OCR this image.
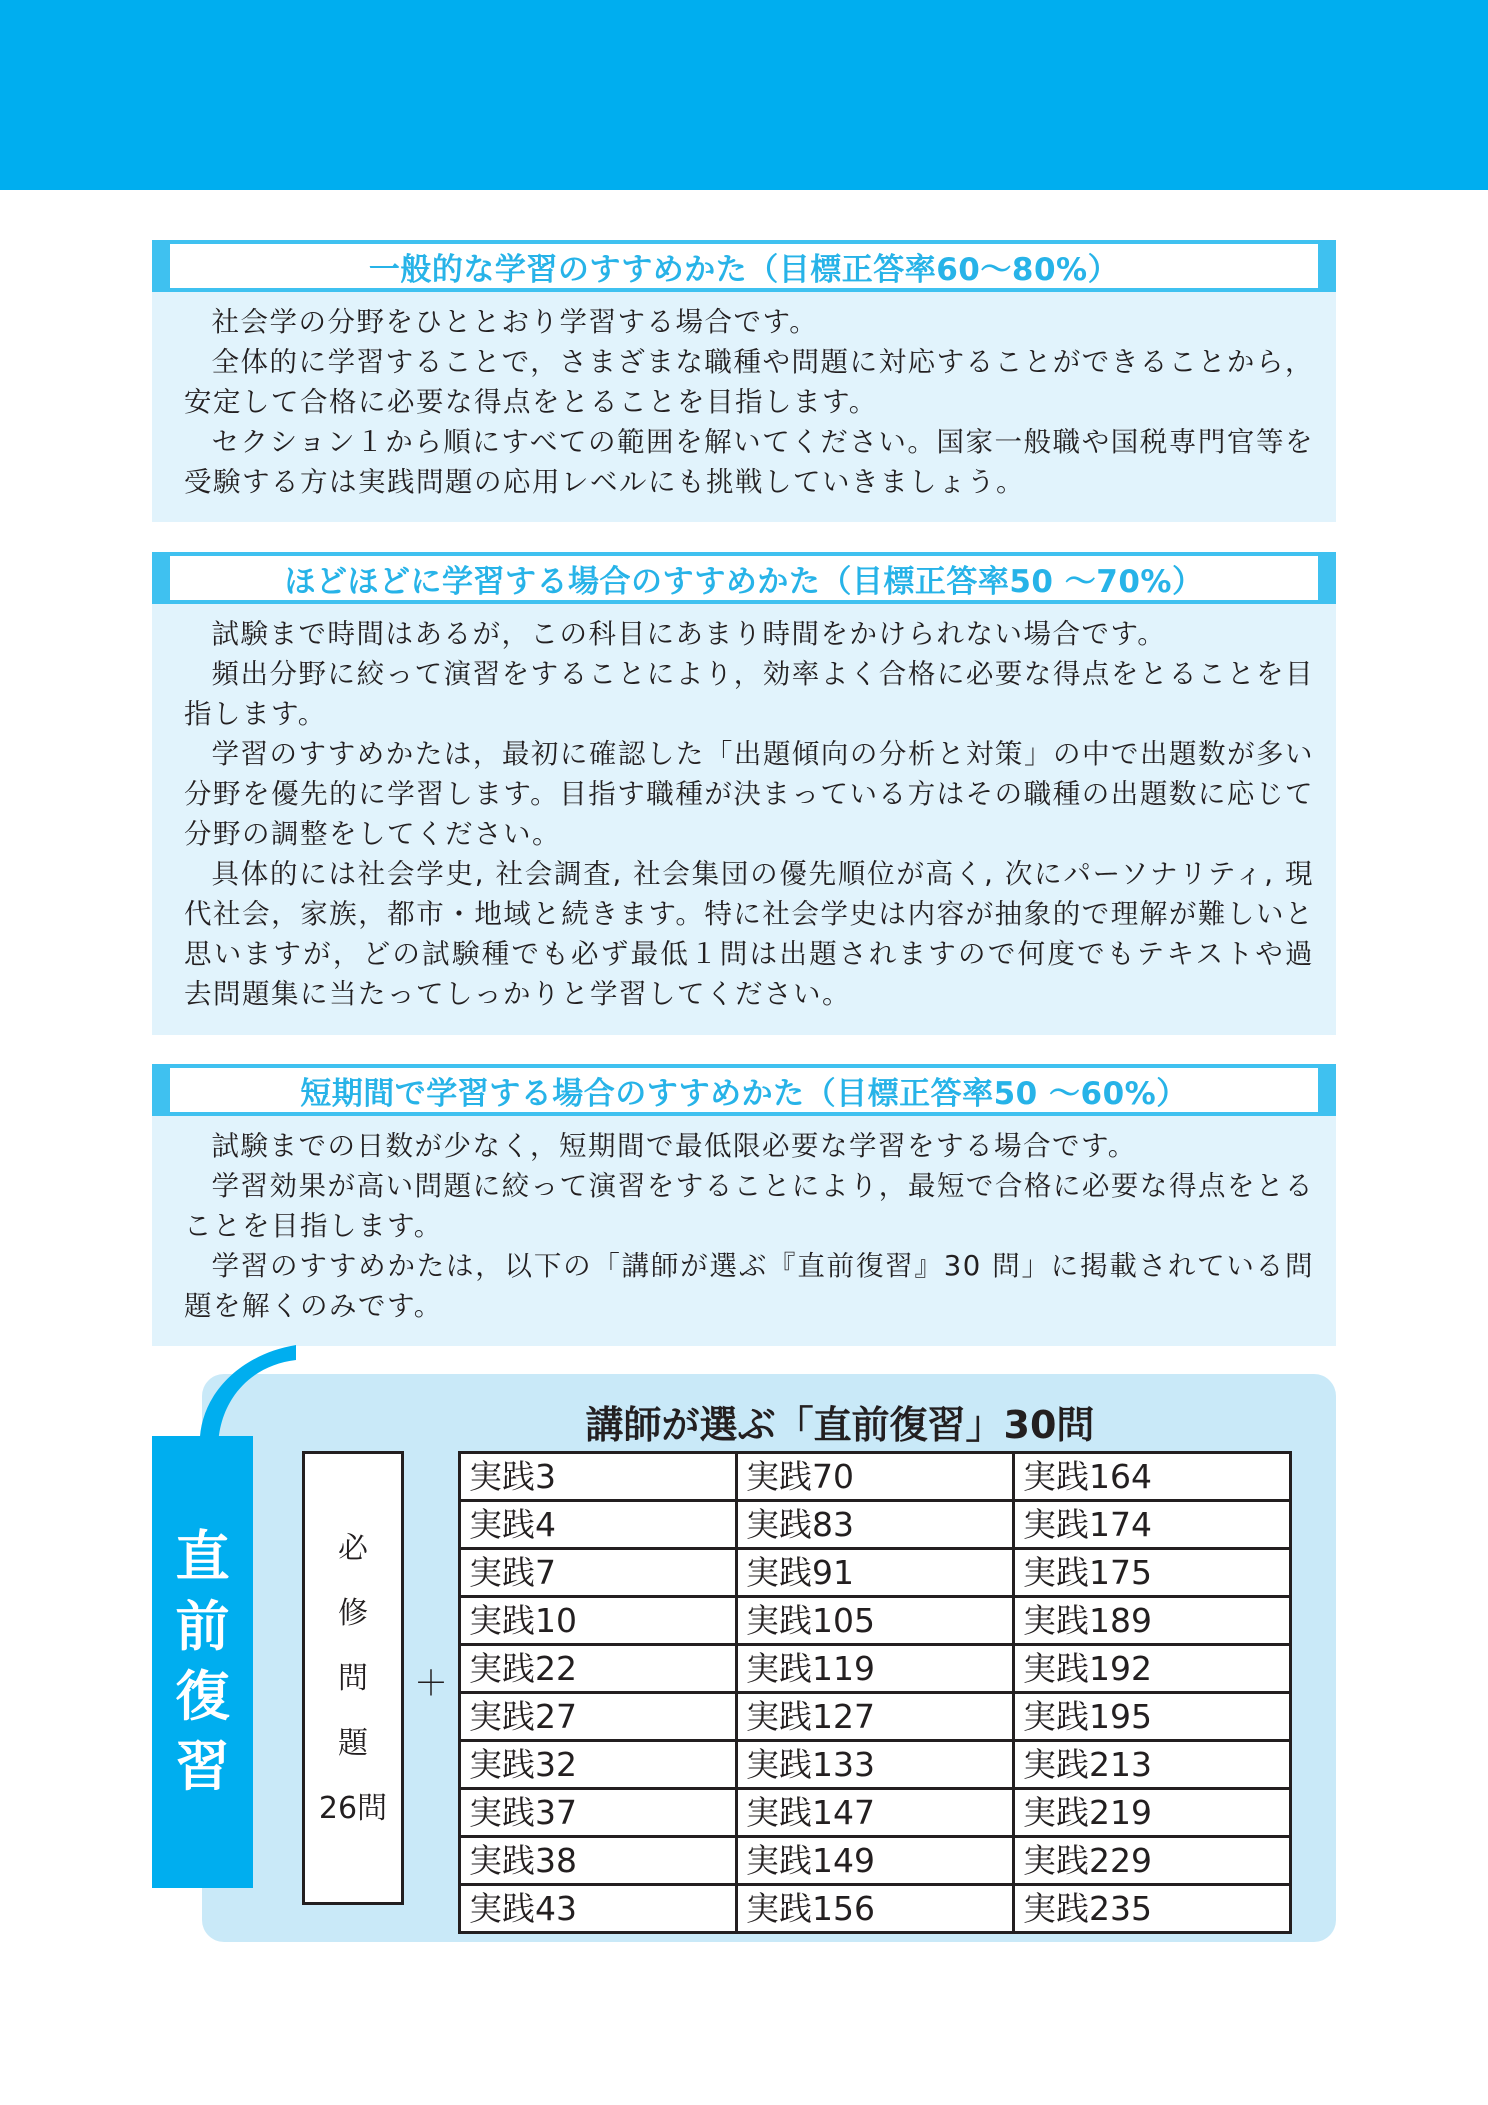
一般的な学習のすすめかた（目標正答率60～80%）

社会学の分野をひととおり学習する場合です。

全体的に学習することで，さまざまな職種や問題に対応することができることから，安定して合格に必要な得点をとることを目指します。

セクション１から順にすべての範囲を解いてください。国家一般職や国税専門官等を受験する方は実践問題の応用レベルにも挑戦していきましょう。

ほどほどに学習する場合のすすめかた（目標正答率50 ～70%）

試験まで時間はあるが，この科目にあまり時間をかけられない場合です。

頻出分野に絞って演習をすることにより，効率よく合格に必要な得点をとることを目指します。

学習のすすめかたは，最初に確認した「出題傾向の分析と対策」の中で出題数が多い分野を優先的に学習します。目指す職種が決まっている方はその職種の出題数に応じて分野の調整をしてください。

具体的には社会学史, 社会調査, 社会集団の優先順位が高く, 次にパーソナリティ, 現代社会，家族，都市・地域と続きます。特に社会学史は内容が抽象的で理解が難しいと思いますが，どの試験種でも必ず最低１問は出題されますので何度でもテキストや過去問題集に当たってしっかりと学習してください。

短期間で学習する場合のすすめかた（目標正答率50 ～60%）

試験までの日数が少なく，短期間で最低限必要な学習をする場合です。

学習効果が高い問題に絞って演習をすることにより，最短で合格に必要な得点をとることを目指します。

学習のすすめかたは，以下の「講師が選ぶ『直前復習』30 問」に掲載されている問題を解くのみです。

直
前
復
習
講師が選ぶ「直前復習」30問
必
修
問
題
26問
＋
実践3	実践70	実践164
実践4	実践83	実践174
実践7	実践91	実践175
実践10	実践105	実践189
実践22	実践119	実践192
実践27	実践127	実践195
実践32	実践133	実践213
実践37	実践147	実践219
実践38	実践149	実践229
実践43	実践156	実践235
